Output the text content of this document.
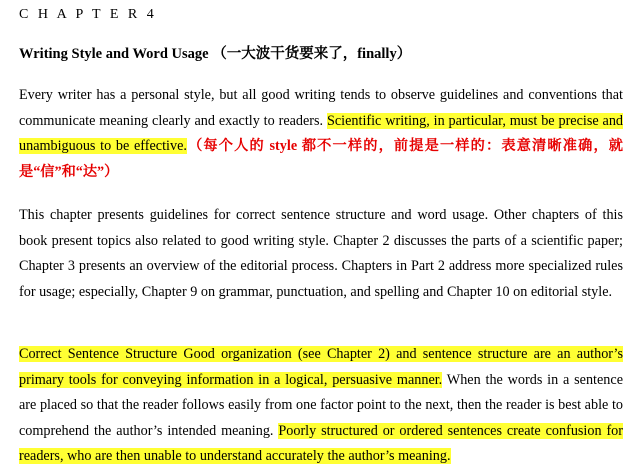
C H A P T E R 4
Writing Style and Word Usage （一大波干货要来了，finally）

Every writer has a personal style, but all good writing tends to observe guidelines and conventions that communicate meaning clearly and exactly to readers. Scientific writing, in particular, must be precise and unambiguous to be effective.（每个人的 style 都不一样的，前提是一样的：表意清晰准确，就是“信”和“达”）

This chapter presents guidelines for correct sentence structure and word usage. Other chapters of this book present topics also related to good writing style. Chapter 2 discusses the parts of a scientific paper; Chapter 3 presents an overview of the editorial process. Chapters in Part 2 address more specialized rules for usage; especially, Chapter 9 on grammar, punctuation, and spelling and Chapter 10 on editorial style.

Correct Sentence Structure Good organization (see Chapter 2) and sentence structure are an author’s primary tools for conveying information in a logical, persuasive manner. When the words in a sentence are placed so that the reader follows easily from one factor point to the next, then the reader is best able to comprehend the author’s intended meaning. Poorly structured or ordered sentences create confusion for readers, who are then unable to understand accurately the author’s meaning.
